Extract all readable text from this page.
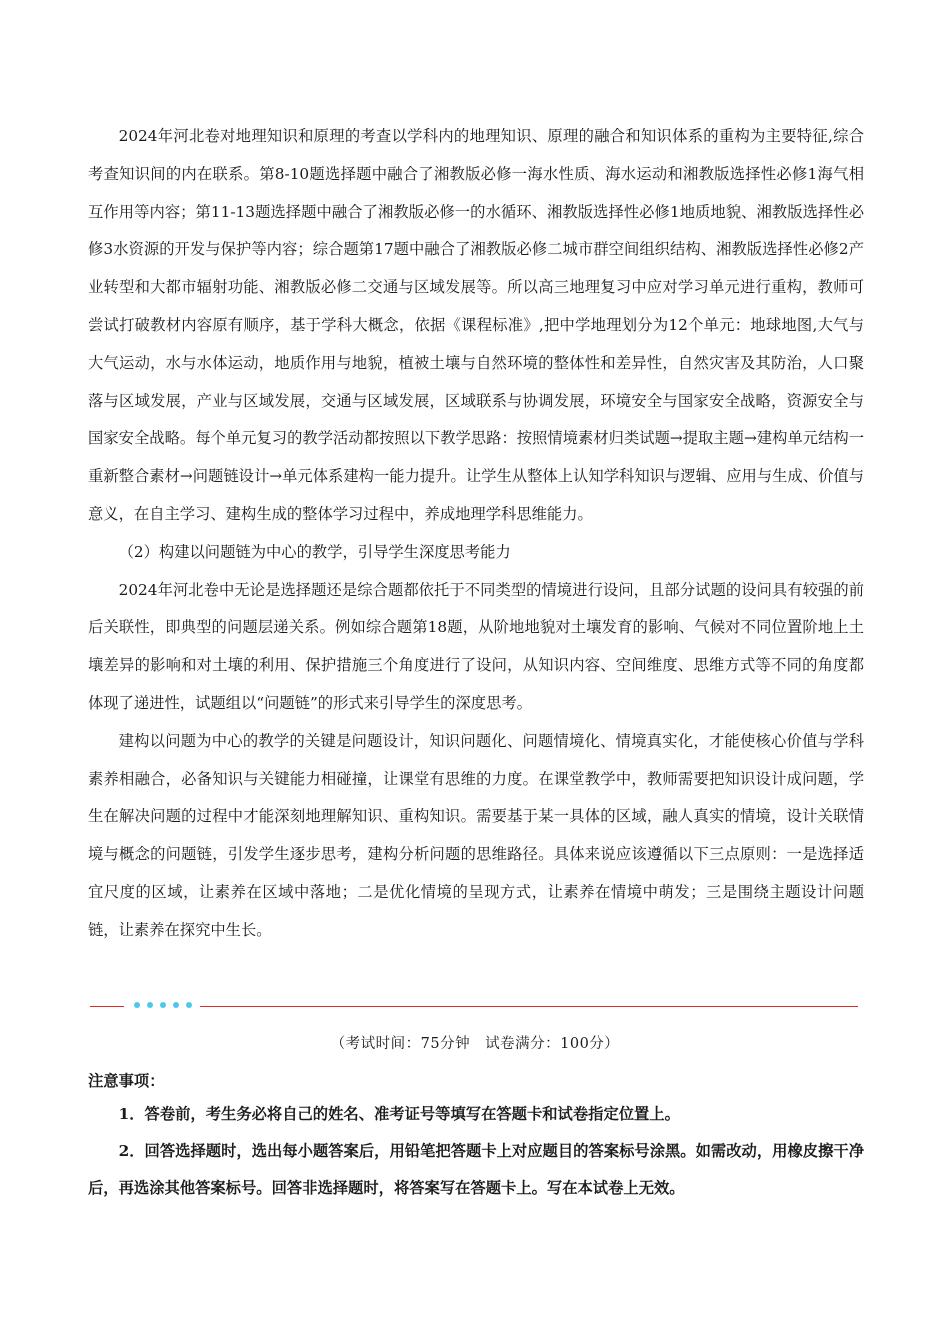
2024年河北卷对地理知识和原理的考查以学科内的地理知识、原理的融合和知识体系的重构为主要特征,综合考查知识间的内在联系。第8-10题选择题中融合了湘教版必修一海水性质、海水运动和湘教版选择性必修1海气相互作用等内容；第11-13题选择题中融合了湘教版必修一的水循环、湘教版选择性必修1地质地貌、湘教版选择性必修3水资源的开发与保护等内容；综合题第17题中融合了湘教版必修二城市群空间组织结构、湘教版选择性必修2产业转型和大都市辐射功能、湘教版必修二交通与区域发展等。所以高三地理复习中应对学习单元进行重构，教师可尝试打破教材内容原有顺序，基于学科大概念，依据《课程标准》,把中学地理划分为12个单元：地球地图,大气与大气运动，水与水体运动，地质作用与地貌，植被土壤与自然环境的整体性和差异性，自然灾害及其防治，人口聚落与区域发展，产业与区域发展，交通与区域发展，区域联系与协调发展，环境安全与国家安全战略，资源安全与国家安全战略。每个单元复习的教学活动都按照以下教学思路：按照情境素材归类试题→提取主题→建构单元结构一重新整合素材→问题链设计→单元体系建构一能力提升。让学生从整体上认知学科知识与逻辑、应用与生成、价值与意义，在自主学习、建构生成的整体学习过程中，养成地理学科思维能力。

（2）构建以问题链为中心的教学，引导学生深度思考能力

2024年河北卷中无论是选择题还是综合题都依托于不同类型的情境进行设问，且部分试题的设问具有较强的前后关联性，即典型的问题层递关系。例如综合题第18题，从阶地地貌对土壤发育的影响、气候对不同位置阶地上土壤差异的影响和对土壤的利用、保护措施三个角度进行了设问，从知识内容、空间维度、思维方式等不同的角度都体现了递进性，试题组以“问题链”的形式来引导学生的深度思考。

建构以问题为中心的教学的关键是问题设计，知识问题化、问题情境化、情境真实化，才能使核心价值与学科素养相融合，必备知识与关键能力相碰撞，让课堂有思维的力度。在课堂教学中，教师需要把知识设计成问题，学生在解决问题的过程中才能深刻地理解知识、重构知识。需要基于某一具体的区域，融人真实的情境，设计关联情境与概念的问题链，引发学生逐步思考，建构分析问题的思维路径。具体来说应该遵循以下三点原则：一是选择适宜尺度的区域，让素养在区域中落地；二是优化情境的呈现方式，让素养在情境中萌发；三是围绕主题设计问题链，让素养在探究中生长。

（考试时间：75分钟　试卷满分：100分）
注意事项：

1．答卷前，考生务必将自己的姓名、准考证号等填写在答题卡和试卷指定位置上。

2．回答选择题时，选出每小题答案后，用铅笔把答题卡上对应题目的答案标号涂黑。如需改动，用橡皮擦干净后，再选涂其他答案标号。回答非选择题时，将答案写在答题卡上。写在本试卷上无效。
